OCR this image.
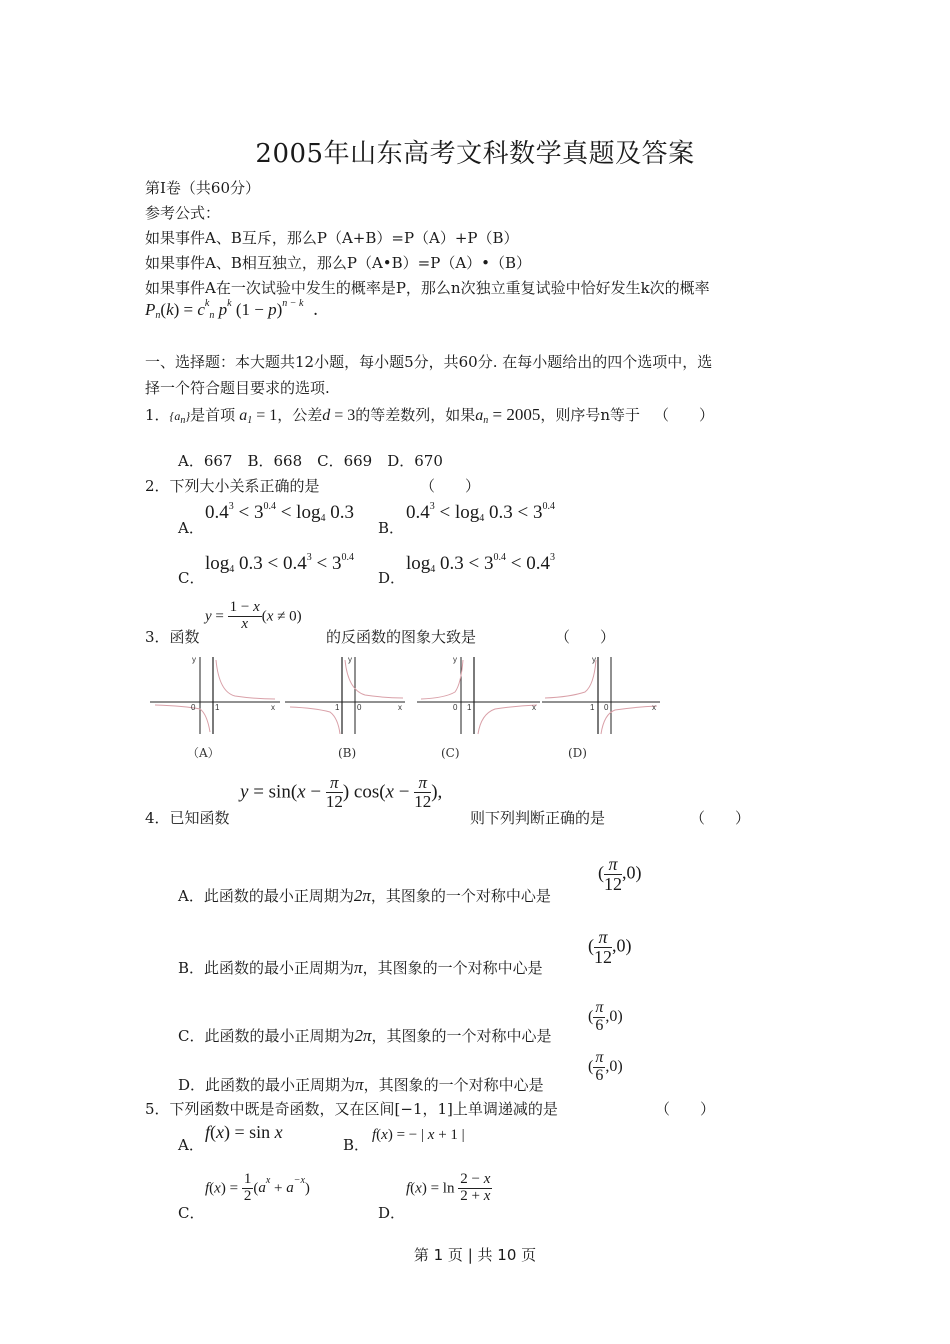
2005年山东高考文科数学真题及答案
第Ⅰ卷（共60分）
参考公式：
如果事件A、B互斥，那么P（A+B）=P（A）+P（B）
如果事件A、B相互独立，那么P（A•B）=P（A）•（B）
如果事件A在一次试验中发生的概率是P，那么n次独立重复试验中恰好发生k次的概率
$P_n(k) = c^k_n$ $p^k$ $(1 - p)^{n - k}$ .
一、选择题：本大题共12小题，每小题5分，共60分. 在每小题给出的四个选项中，选
择一个符合题目要求的选项.
1．$\{a_n\}$是首项 $a_1 = 1$，公差d = 3的等差数列，如果$a_n = 2005$，则序号n等于 （　　）
A．667　B．668　C．669　D．670
2．下列大小关系正确的是	（　　）
A．
$0.4^3 < 3^{0.4} < \log_4 0.3$
B．
$0.4^3 < \log_4 0.3 < 3^{0.4}$
C．
$\log_4 0.3 < 0.4^3 < 3^{0.4}$
D．
$\log_4 0.3 < 3^{0.4} < 0.4^3$
3．函数
$y = \frac{1 - x}{x} (x \ne 0)$
的反函数的图象大致是	（　　）
y
0 1	x
y
1 0	x
y
0 1	x
y
1 0	x
（A）	(B)	(C)	(D)
4．已知函数
$y = \sin(x - \frac{\pi}{12}$ ) $\cos(x - \frac{\pi}{12}$ ),
则下列判断正确的是	（　　）
A．此函数的最小正周期为2π，其图象的一个对称中心是
( $\frac{\pi}{12} ,0$)
B．此函数的最小正周期为π，其图象的一个对称中心是
( $\frac{\pi}{12} ,0$)
C．此函数的最小正周期为2π，其图象的一个对称中心是
( $\frac{\pi}{6} ,0$)
D．此函数的最小正周期为π，其图象的一个对称中心是
( $\frac{\pi}{6} ,0$)
5．下列函数中既是奇函数，又在区间[−1，1]上单调递减的是	（　　）
A．
f(x) = sin x
B．
f(x) = − | x + 1 |
C．
$f(x) = \frac{1}{2} (a^x + a^{-x})$
D．
$f(x) = \ln \frac{2 - x}{2 + x}$
第 1 页 | 共 10 页
